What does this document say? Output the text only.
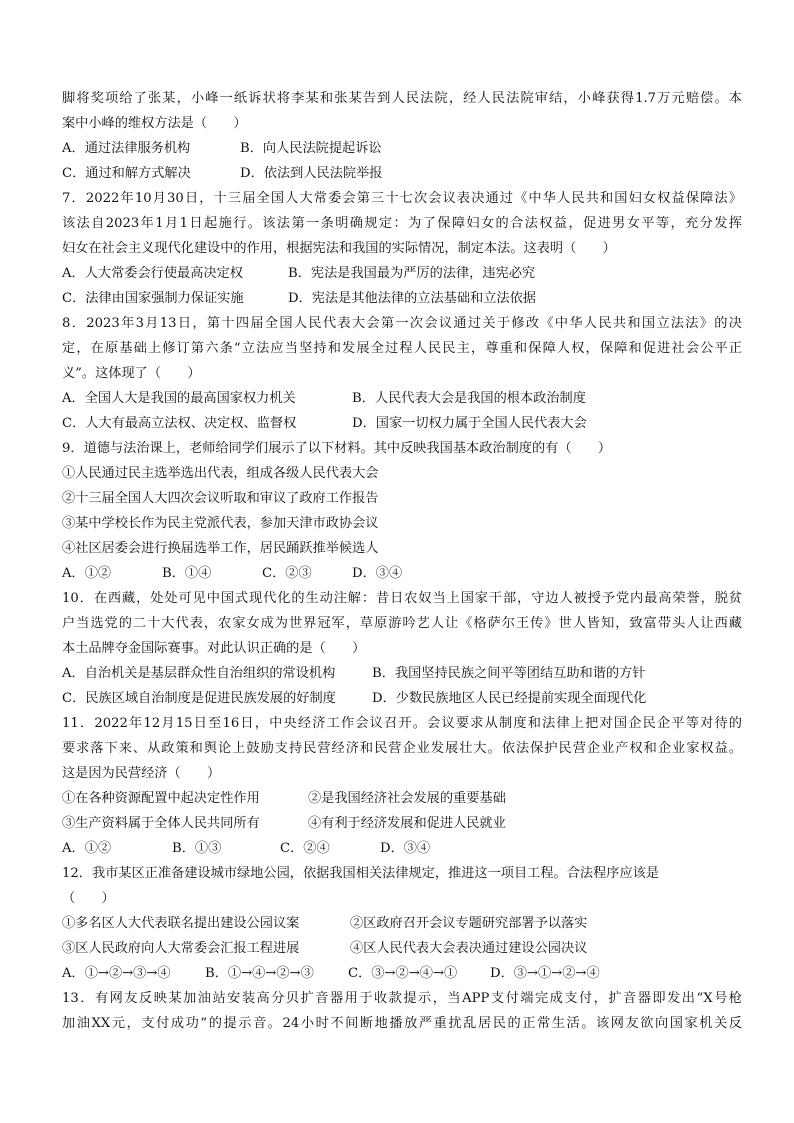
脚将奖项给了张某，小峰一纸诉状将李某和张某告到人民法院，经人民法院审结，小峰获得1.7万元赔偿。本
案中小峰的维权方法是（　　）
A．通过法律服务机构	B．向人民法院提起诉讼
C．通过和解方式解决	D．依法到人民法院举报
7．2022年10月30日，十三届全国人大常委会第三十七次会议表决通过《中华人民共和国妇女权益保障法》
该法自2023年1月1日起施行。该法第一条明确规定：为了保障妇女的合法权益，促进男女平等，充分发挥
妇女在社会主义现代化建设中的作用，根据宪法和我国的实际情况，制定本法。这表明（　　）
A．人大常委会行使最高决定权	B．宪法是我国最为严厉的法律，违宪必究
C．法律由国家强制力保证实施	D．宪法是其他法律的立法基础和立法依据
8．2023年3月13日，第十四届全国人民代表大会第一次会议通过关于修改《中华人民共和国立法法》的决
定，在原基础上修订第六条“立法应当坚持和发展全过程人民民主，尊重和保障人权，保障和促进社会公平正
义”。这体现了（　　）
A．全国人大是我国的最高国家权力机关	B．人民代表大会是我国的根本政治制度
C．人大有最高立法权、决定权、监督权	D．国家一切权力属于全国人民代表大会
9．道德与法治课上，老师给同学们展示了以下材料。其中反映我国基本政治制度的有（　　）
①人民通过民主选举选出代表，组成各级人民代表大会
②十三届全国人大四次会议听取和审议了政府工作报告
③某中学校长作为民主党派代表，参加天津市政协会议
④社区居委会进行换届选举工作，居民踊跃推举候选人
A．①②	B．①④	C．②③	D．③④
10．在西藏，处处可见中国式现代化的生动注解：昔日农奴当上国家干部，守边人被授予党内最高荣誉，脱贫
户当选党的二十大代表，农家女成为世界冠军，草原游吟艺人让《格萨尔王传》世人皆知，致富带头人让西藏
本土品牌夺金国际赛事。对此认识正确的是（　　）
A．自治机关是基层群众性自治组织的常设机构	B．我国坚持民族之间平等团结互助和谐的方针
C．民族区域自治制度是促进民族发展的好制度	D．少数民族地区人民已经提前实现全面现代化
11．2022年12月15日至16日，中央经济工作会议召开。会议要求从制度和法律上把对国企民企平等对待的
要求落下来、从政策和舆论上鼓励支持民营经济和民营企业发展壮大。依法保护民营企业产权和企业家权益。
这是因为民营经济（　　）
①在各种资源配置中起决定性作用	②是我国经济社会发展的重要基础
③生产资料属于全体人民共同所有	④有利于经济发展和促进人民就业
A．①②	B．①③	C．②④	D．③④
12．我市某区正准备建设城市绿地公园，依据我国相关法律规定，推进这一项目工程。合法程序应该是
（　　）
①多名区人大代表联名提出建设公园议案	②区政府召开会议专题研究部署予以落实
③区人民政府向人大常委会汇报工程进展	④区人民代表大会表决通过建设公园决议
A．①→②→③→④	B．①→④→②→③	C．③→②→④→① D．③→①→②→④
13．有网友反映某加油站安装高分贝扩音器用于收款提示，当APP支付端完成支付，扩音器即发出“X号枪
加油XX元，支付成功”的提示音。24小时不间断地播放严重扰乱居民的正常生活。该网友欲向国家机关反
